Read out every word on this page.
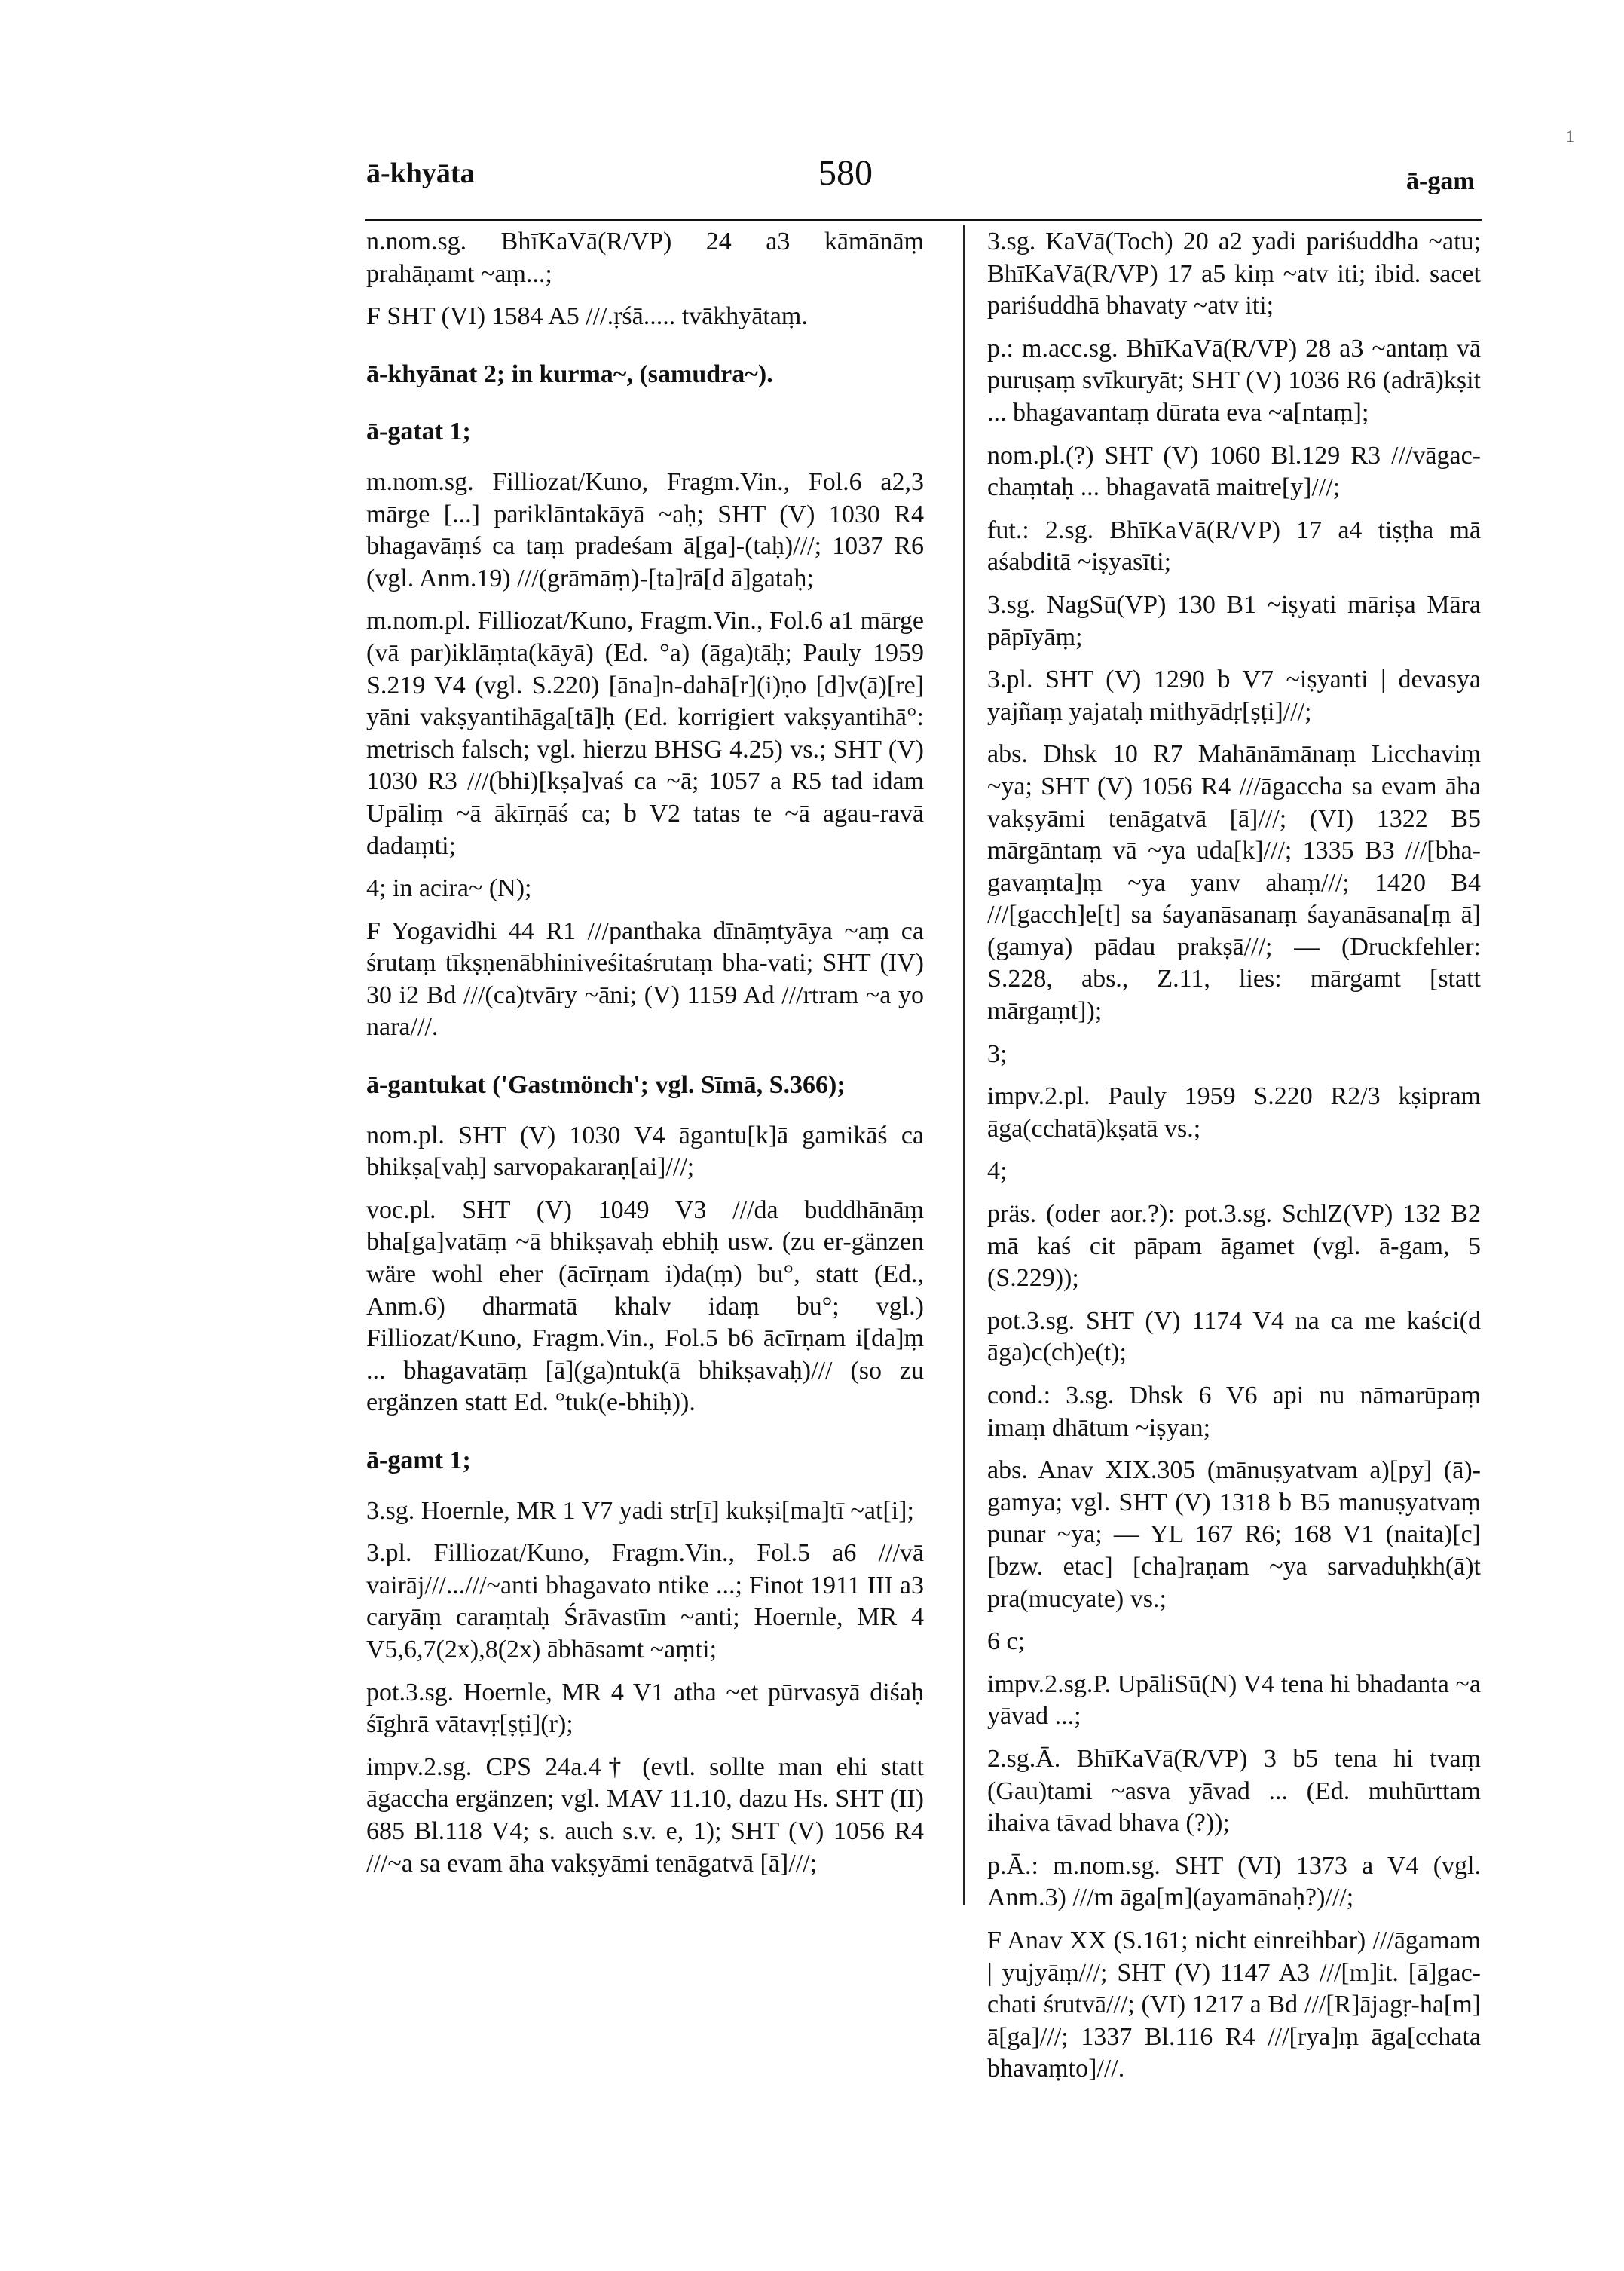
1
ā-khyāta	580	ā-gam

n.nom.sg. BhīKaVā(R/VP) 24 a3 kāmānāṃ prahāṇamt ~aṃ...;

F SHT (VI) 1584 A5 ///.ṛśā..... tvākhyātaṃ.

ā-khyānat 2; in kurma~, (samudra~).

ā-gatat 1;

m.nom.sg. Filliozat/Kuno, Fragm.Vin., Fol.6 a2,3 mārge [...] pariklāntakāyā ~aḥ; SHT (V) 1030 R4 bhagavāṃś ca taṃ pradeśam ā[ga]-(taḥ)///; 1037 R6 (vgl. Anm.19) ///(grāmāṃ)-[ta]rā[d ā]gataḥ;

m.nom.pl. Filliozat/Kuno, Fragm.Vin., Fol.6 a1 mārge (vā par)iklāṃta(kāyā) (Ed. °a) (āga)tāḥ; Pauly 1959 S.219 V4 (vgl. S.220) [āna]n-dahā[r](i)ṇo [d]v(ā)[re] yāni vakṣyantihāga[tā]ḥ (Ed. korrigiert vakṣyantihā°: metrisch falsch; vgl. hierzu BHSG 4.25) vs.; SHT (V) 1030 R3 ///(bhi)[kṣa]vaś ca ~ā; 1057 a R5 tad idam Upāliṃ ~ā ākīrṇāś ca; b V2 tatas te ~ā agau-ravā dadaṃti;

4; in acira~ (N);

F Yogavidhi 44 R1 ///panthaka dīnāṃtyāya ~aṃ ca śrutaṃ tīkṣṇenābhiniveśitaśrutaṃ bha-vati; SHT (IV) 30 i2 Bd ///(ca)tvāry ~āni; (V) 1159 Ad ///rtram ~a yo nara///.

ā-gantukat ('Gastmönch'; vgl. Sīmā, S.366);

nom.pl. SHT (V) 1030 V4 āgantu[k]ā gamikāś ca bhikṣa[vaḥ] sarvopakaraṇ[ai]///;

voc.pl. SHT (V) 1049 V3 ///da buddhānāṃ bha[ga]vatāṃ ~ā bhikṣavaḥ ebhiḥ usw. (zu er-gänzen wäre wohl eher (ācīrṇam i)da(ṃ) bu°, statt (Ed., Anm.6) dharmatā khalv idaṃ bu°; vgl.) Filliozat/Kuno, Fragm.Vin., Fol.5 b6 ācīrṇam i[da]ṃ ... bhagavatāṃ [ā](ga)ntuk(ā bhikṣavaḥ)/// (so zu ergänzen statt Ed. °tuk(e-bhiḥ)).

ā-gamt 1;

3.sg. Hoernle, MR 1 V7 yadi str[ī] kukṣi[ma]tī ~at[i];

3.pl. Filliozat/Kuno, Fragm.Vin., Fol.5 a6 ///vā vairāj///...///~anti bhagavato ntike ...; Finot 1911 III a3 caryāṃ caraṃtaḥ Śrāvastīm ~anti; Hoernle, MR 4 V5,6,7(2x),8(2x) ābhāsamt ~aṃti;

pot.3.sg. Hoernle, MR 4 V1 atha ~et pūrvasyā diśaḥ śīghrā vātavṛ[ṣṭi](r);

impv.2.sg. CPS 24a.4† (evtl. sollte man ehi statt āgaccha ergänzen; vgl. MAV 11.10, dazu Hs. SHT (II) 685 Bl.118 V4; s. auch s.v. e, 1); SHT (V) 1056 R4 ///~a sa evam āha vakṣyāmi tenāgatvā [ā]///;

3.sg. KaVā(Toch) 20 a2 yadi pariśuddha ~atu; BhīKaVā(R/VP) 17 a5 kiṃ ~atv iti; ibid. sacet pariśuddhā bhavaty ~atv iti;

p.: m.acc.sg. BhīKaVā(R/VP) 28 a3 ~antaṃ vā puruṣaṃ svīkuryāt; SHT (V) 1036 R6 (adrā)kṣit ... bhagavantaṃ dūrata eva ~a[ntaṃ];

nom.pl.(?) SHT (V) 1060 Bl.129 R3 ///vāgac-chaṃtaḥ ... bhagavatā maitre[y]///;

fut.: 2.sg. BhīKaVā(R/VP) 17 a4 tiṣṭha mā aśabditā ~iṣyasīti;

3.sg. NagSū(VP) 130 B1 ~iṣyati māriṣa Māra pāpīyāṃ;

3.pl. SHT (V) 1290 b V7 ~iṣyanti | devasya yajñaṃ yajataḥ mithyādṛ[ṣṭi]///;

abs. Dhsk 10 R7 Mahānāmānaṃ Licchaviṃ ~ya; SHT (V) 1056 R4 ///āgaccha sa evam āha vakṣyāmi tenāgatvā [ā]///; (VI) 1322 B5 mārgāntaṃ vā ~ya uda[k]///; 1335 B3 ///[bha-gavaṃta]ṃ ~ya yanv ahaṃ///; 1420 B4 ///[gacch]e[t] sa śayanāsanaṃ śayanāsana[ṃ ā](gamya) pādau prakṣā///; — (Druckfehler: S.228, abs., Z.11, lies: mārgamt [statt mārgaṃt]);

3;

impv.2.pl. Pauly 1959 S.220 R2/3 kṣipram āga(cchatā)kṣatā vs.;

4;

präs. (oder aor.?): pot.3.sg. SchlZ(VP) 132 B2 mā kaś cit pāpam āgamet (vgl. ā-gam, 5 (S.229));

pot.3.sg. SHT (V) 1174 V4 na ca me kaści(d āga)c(ch)e(t);

cond.: 3.sg. Dhsk 6 V6 api nu nāmarūpaṃ imaṃ dhātum ~iṣyan;

abs. Anav XIX.305 (mānuṣyatvam a)[py] (ā)-gamya; vgl. SHT (V) 1318 b B5 manuṣyatvaṃ punar ~ya; — YL 167 R6; 168 V1 (naita)[c] [bzw. etac] [cha]raṇam ~ya sarvaduḥkh(ā)t pra(mucyate) vs.;

6 c;

impv.2.sg.P. UpāliSū(N) V4 tena hi bhadanta ~a yāvad ...;

2.sg.Ā. BhīKaVā(R/VP) 3 b5 tena hi tvaṃ (Gau)tami ~asva yāvad ... (Ed. muhūrttam ihaiva tāvad bhava (?));

p.Ā.: m.nom.sg. SHT (VI) 1373 a V4 (vgl. Anm.3) ///m āga[m](ayamānaḥ?)///;

F Anav XX (S.161; nicht einreihbar) ///āgamam | yujyāṃ///; SHT (V) 1147 A3 ///[m]it. [ā]gac-chati śrutvā///; (VI) 1217 a Bd ///[R]ājagṛ-ha[m] ā[ga]///; 1337 Bl.116 R4 ///[rya]ṃ āga[cchata bhavaṃto]///.
